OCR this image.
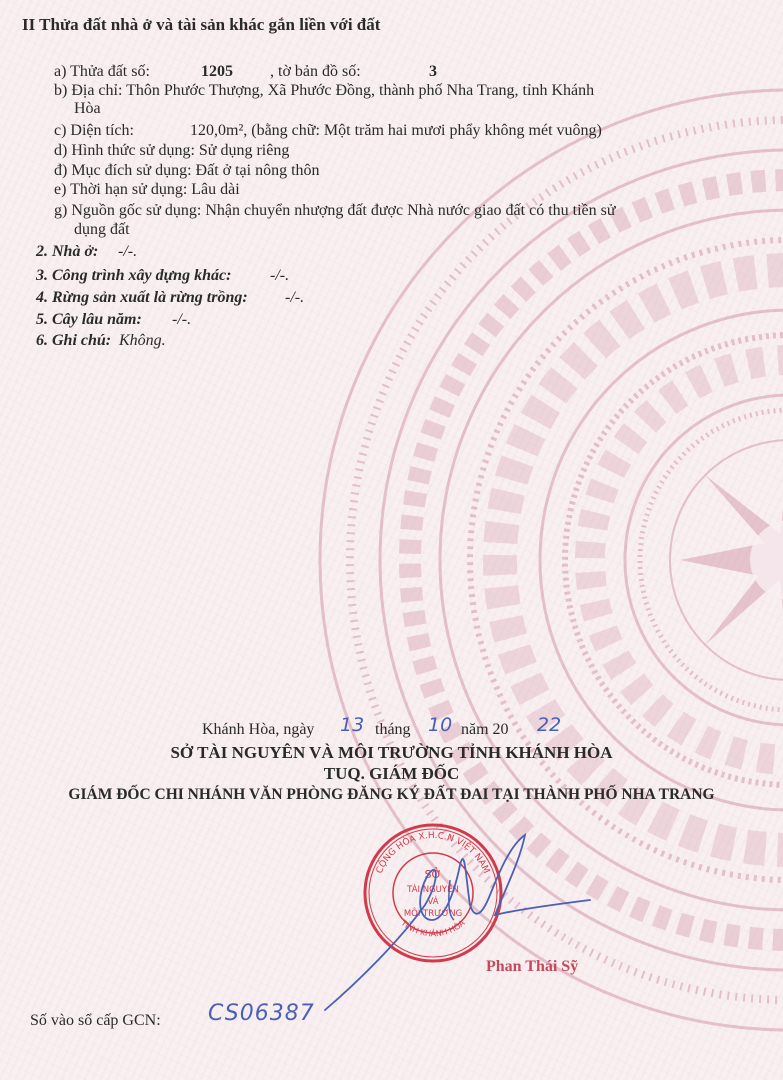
II Thửa đất nhà ở và tài sản khác gắn liền với đất
a) Thửa đất số:	1205 , tờ bản đồ số:	3
b) Địa chỉ: Thôn Phước Thượng, Xã Phước Đồng, thành phố Nha Trang, tỉnh Khánh
Hòa
c) Diện tích:	120,0m², (bằng chữ: Một trăm hai mươi phẩy không mét vuông)
d) Hình thức sử dụng: Sử dụng riêng
đ) Mục đích sử dụng: Đất ở tại nông thôn
e) Thời hạn sử dụng: Lâu dài
g) Nguồn gốc sử dụng: Nhận chuyển nhượng đất được Nhà nước giao đất có thu tiền sử
dụng đất
2. Nhà ở: -/-.
3. Công trình xây dựng khác: -/-.
4. Rừng sản xuất là rừng trồng: -/-.
5. Cây lâu năm: -/-.
6. Ghi chú: Không.
Khánh Hòa, ngày 13 tháng 10 năm 20 22
SỞ TÀI NGUYÊN VÀ MÔI TRƯỜNG TỈNH KHÁNH HÒA
TUQ. GIÁM ĐỐC
GIÁM ĐỐC CHI NHÁNH VĂN PHÒNG ĐĂNG KÝ ĐẤT ĐAI TẠI THÀNH PHỐ NHA TRANG
CỘNG HÒA X.H.C.N VIỆT NAM
TỈNH KHÁNH HÒA
SỞ
TÀI NGUYÊN
VÀ
MÔI TRƯỜNG
Phan Thái Sỹ
Số vào sổ cấp GCN: CS06387
